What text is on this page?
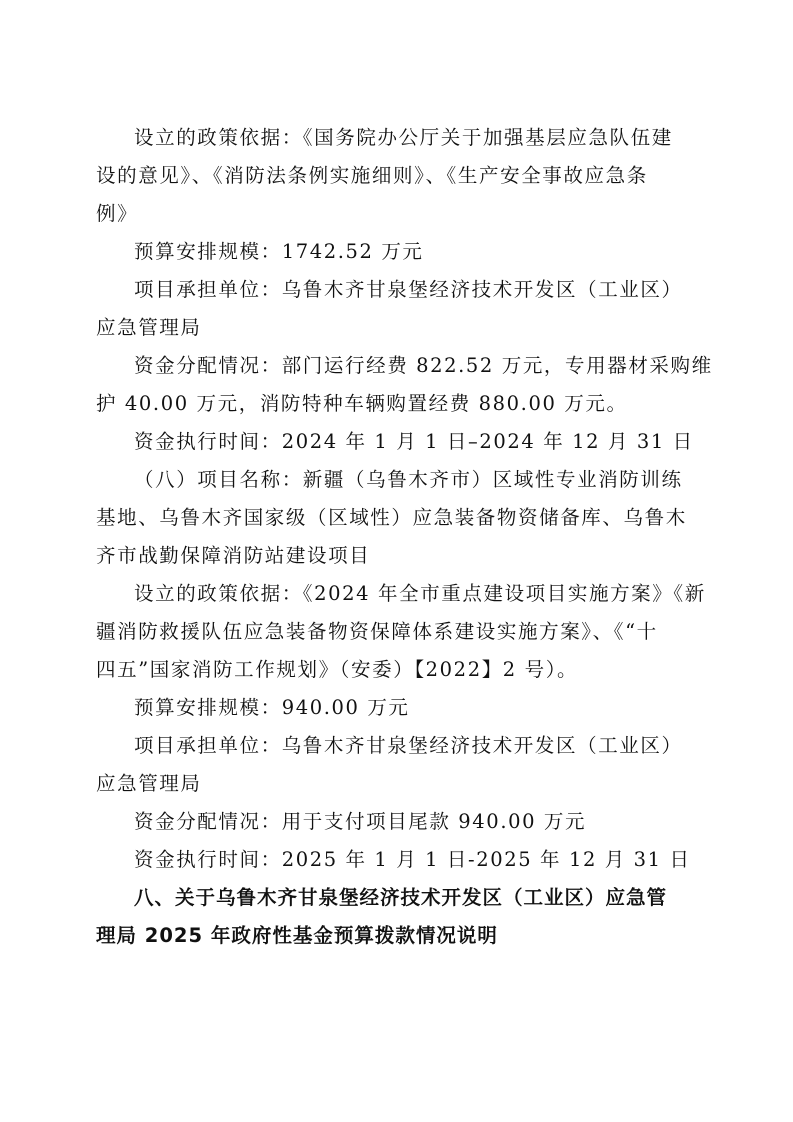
设立的政策依据：《国务院办公厅关于加强基层应急队伍建
设的意见》、《消防法条例实施细则》、《生产安全事故应急条
例》
预算安排规模：1742.52 万元
项目承担单位：乌鲁木齐甘泉堡经济技术开发区（工业区）
应急管理局
资金分配情况：部门运行经费 822.52 万元，专用器材采购维
护 40.00 万元，消防特种车辆购置经费 880.00 万元。
资金执行时间：2024 年 1 月 1 日–2024 年 12 月 31 日
（八）项目名称：新疆（乌鲁木齐市）区域性专业消防训练
基地、乌鲁木齐国家级（区域性）应急装备物资储备库、乌鲁木
齐市战勤保障消防站建设项目
设立的政策依据：《2024 年全市重点建设项目实施方案》《新
疆消防救援队伍应急装备物资保障体系建设实施方案》、《“十
四五”国家消防工作规划》（安委）【2022】2 号）。
预算安排规模：940.00 万元
项目承担单位：乌鲁木齐甘泉堡经济技术开发区（工业区）
应急管理局
资金分配情况：用于支付项目尾款 940.00 万元
资金执行时间：2025 年 1 月 1 日-2025 年 12 月 31 日
八、关于乌鲁木齐甘泉堡经济技术开发区（工业区）应急管
理局 2025 年政府性基金预算拨款情况说明
